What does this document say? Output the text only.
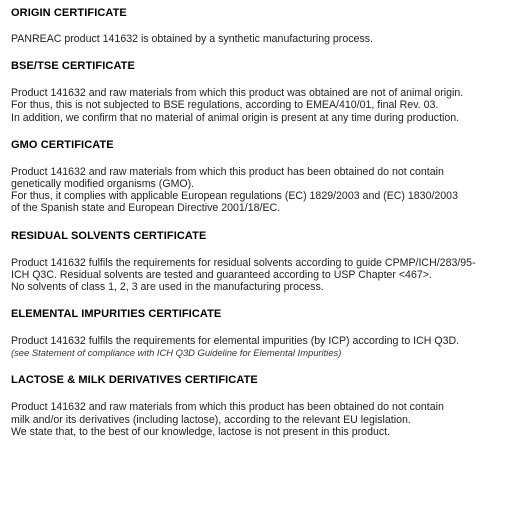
ORIGIN CERTIFICATE

PANREAC product 141632 is obtained by a synthetic manufacturing process.

BSE/TSE CERTIFICATE

Product 141632 and raw materials from which this product was obtained are not of animal origin.
For thus, this is not subjected to BSE regulations, according to EMEA/410/01, final Rev. 03.
In addition, we confirm that no material of animal origin is present at any time during production.

GMO CERTIFICATE

Product 141632 and raw materials from which this product has been obtained do not contain
genetically modified organisms (GMO).
For thus, it complies with applicable European regulations (EC) 1829/2003 and (EC) 1830/2003
of the Spanish state and European Directive 2001/18/EC.

RESIDUAL SOLVENTS CERTIFICATE

Product 141632 fulfils the requirements for residual solvents according to guide CPMP/ICH/283/95-
ICH Q3C. Residual solvents are tested and guaranteed according to USP Chapter <467>.
No solvents of class 1, 2, 3 are used in the manufacturing process.

ELEMENTAL IMPURITIES CERTIFICATE

Product 141632 fulfils the requirements for elemental impurities (by ICP) according to ICH Q3D.
(see Statement of compliance with ICH Q3D Guideline for Elemental Impurities)

LACTOSE & MILK DERIVATIVES CERTIFICATE

Product 141632 and raw materials from which this product has been obtained do not contain
milk and/or its derivatives (including lactose), according to the relevant EU legislation.
We state that, to the best of our knowledge, lactose is not present in this product.
